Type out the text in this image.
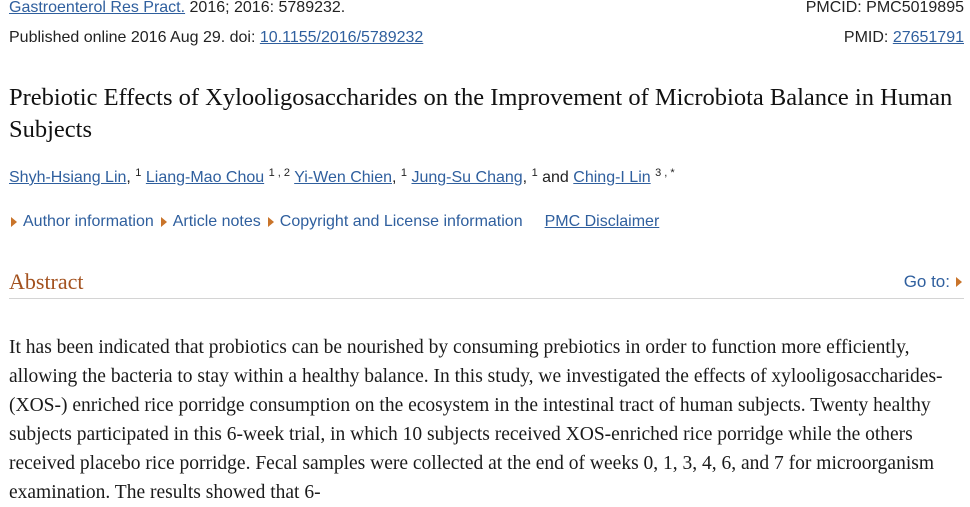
Gastroenterol Res Pract. 2016; 2016: 5789232.	PMCID: PMC5019895
Published online 2016 Aug 29. doi: 10.1155/2016/5789232	PMID: 27651791
Prebiotic Effects of Xylooligosaccharides on the Improvement of Microbiota Balance in Human Subjects
Shyh-Hsiang Lin, $^1$ Liang-Mao Chou $^{1 , 2}$ Yi-Wen Chien, $^1$ Jung-Su Chang, $^1$ and Ching-I Lin $^{3 , *}$
Author information Article notes Copyright and License information PMC Disclaimer
Abstract	Go to:

It has been indicated that probiotics can be nourished by consuming prebiotics in order to function more efficiently, allowing the bacteria to stay within a healthy balance. In this study, we investigated the effects of xylooligosaccharides- (XOS-) enriched rice porridge consumption on the ecosystem in the intestinal tract of human subjects. Twenty healthy subjects participated in this 6-week trial, in which 10 subjects received XOS-enriched rice porridge while the others received placebo rice porridge. Fecal samples were collected at the end of weeks 0, 1, 3, 4, 6, and 7 for microorganism examination. The results showed that 6-
